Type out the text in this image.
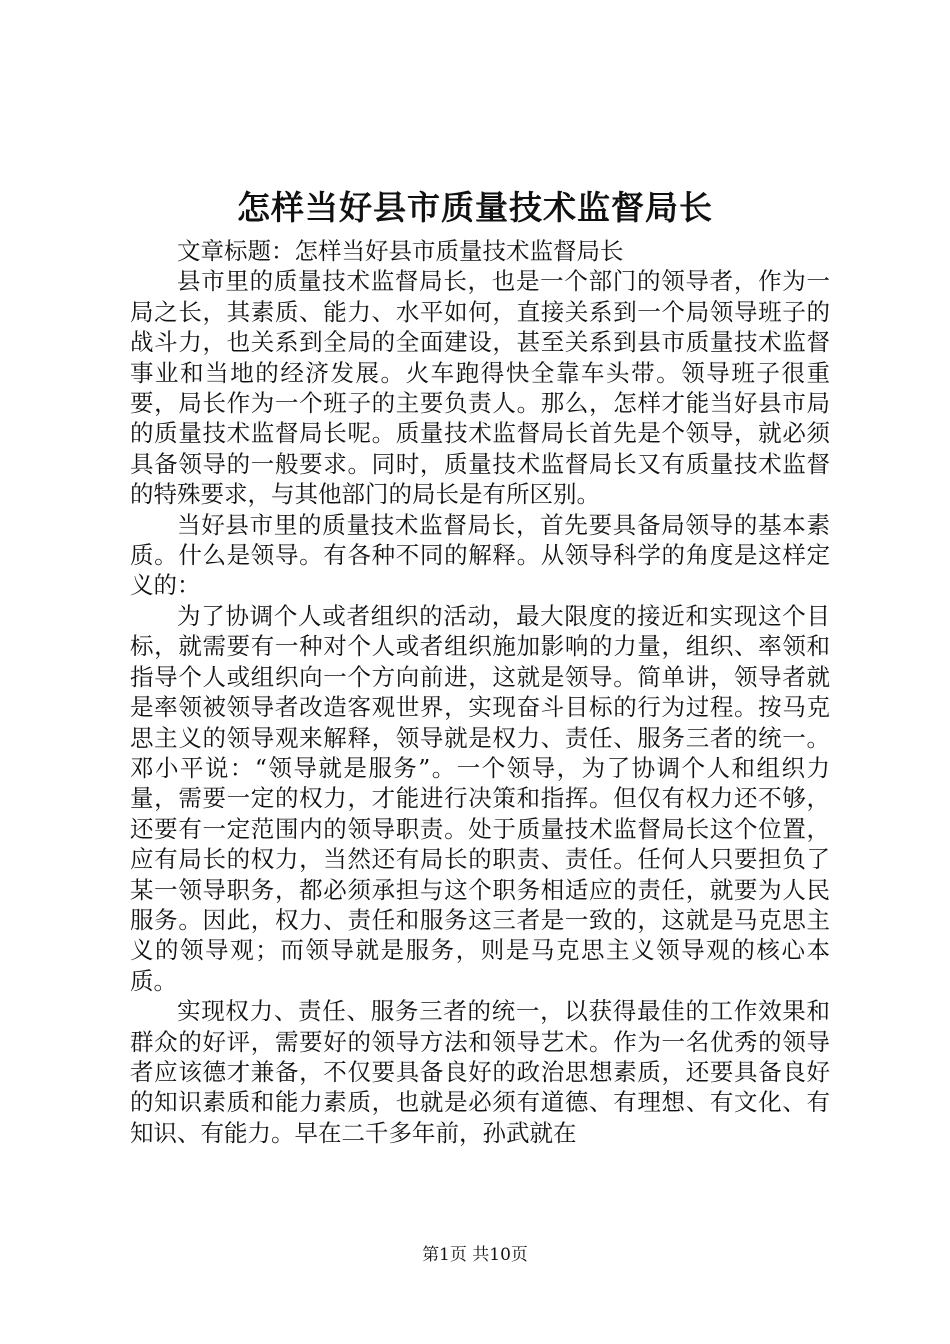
怎样当好县市质量技术监督局长

文章标题：怎样当好县市质量技术监督局长

县市里的质量技术监督局长，也是一个部门的领导者，作为一局之长，其素质、能力、水平如何，直接关系到一个局领导班子的战斗力，也关系到全局的全面建设，甚至关系到县市质量技术监督事业和当地的经济发展。火车跑得快全靠车头带。领导班子很重要，局长作为一个班子的主要负责人。那么，怎样才能当好县市局的质量技术监督局长呢。质量技术监督局长首先是个领导，就必须具备领导的一般要求。同时，质量技术监督局长又有质量技术监督的特殊要求，与其他部门的局长是有所区别。

当好县市里的质量技术监督局长，首先要具备局领导的基本素质。什么是领导。有各种不同的解释。从领导科学的角度是这样定义的：

为了协调个人或者组织的活动，最大限度的接近和实现这个目标，就需要有一种对个人或者组织施加影响的力量，组织、率领和指导个人或组织向一个方向前进，这就是领导。简单讲，领导者就是率领被领导者改造客观世界，实现奋斗目标的行为过程。按马克思主义的领导观来解释，领导就是权力、责任、服务三者的统一。邓小平说：“领导就是服务”。一个领导，为了协调个人和组织力量，需要一定的权力，才能进行决策和指挥。但仅有权力还不够，还要有一定范围内的领导职责。处于质量技术监督局长这个位置，应有局长的权力，当然还有局长的职责、责任。任何人只要担负了某一领导职务，都必须承担与这个职务相适应的责任，就要为人民服务。因此，权力、责任和服务这三者是一致的，这就是马克思主义的领导观；而领导就是服务，则是马克思主义领导观的核心本质。

实现权力、责任、服务三者的统一，以获得最佳的工作效果和群众的好评，需要好的领导方法和领导艺术。作为一名优秀的领导者应该德才兼备，不仅要具备良好的政治思想素质，还要具备良好的知识素质和能力素质，也就是必须有道德、有理想、有文化、有知识、有能力。早在二千多年前，孙武就在

第1页 共10页
